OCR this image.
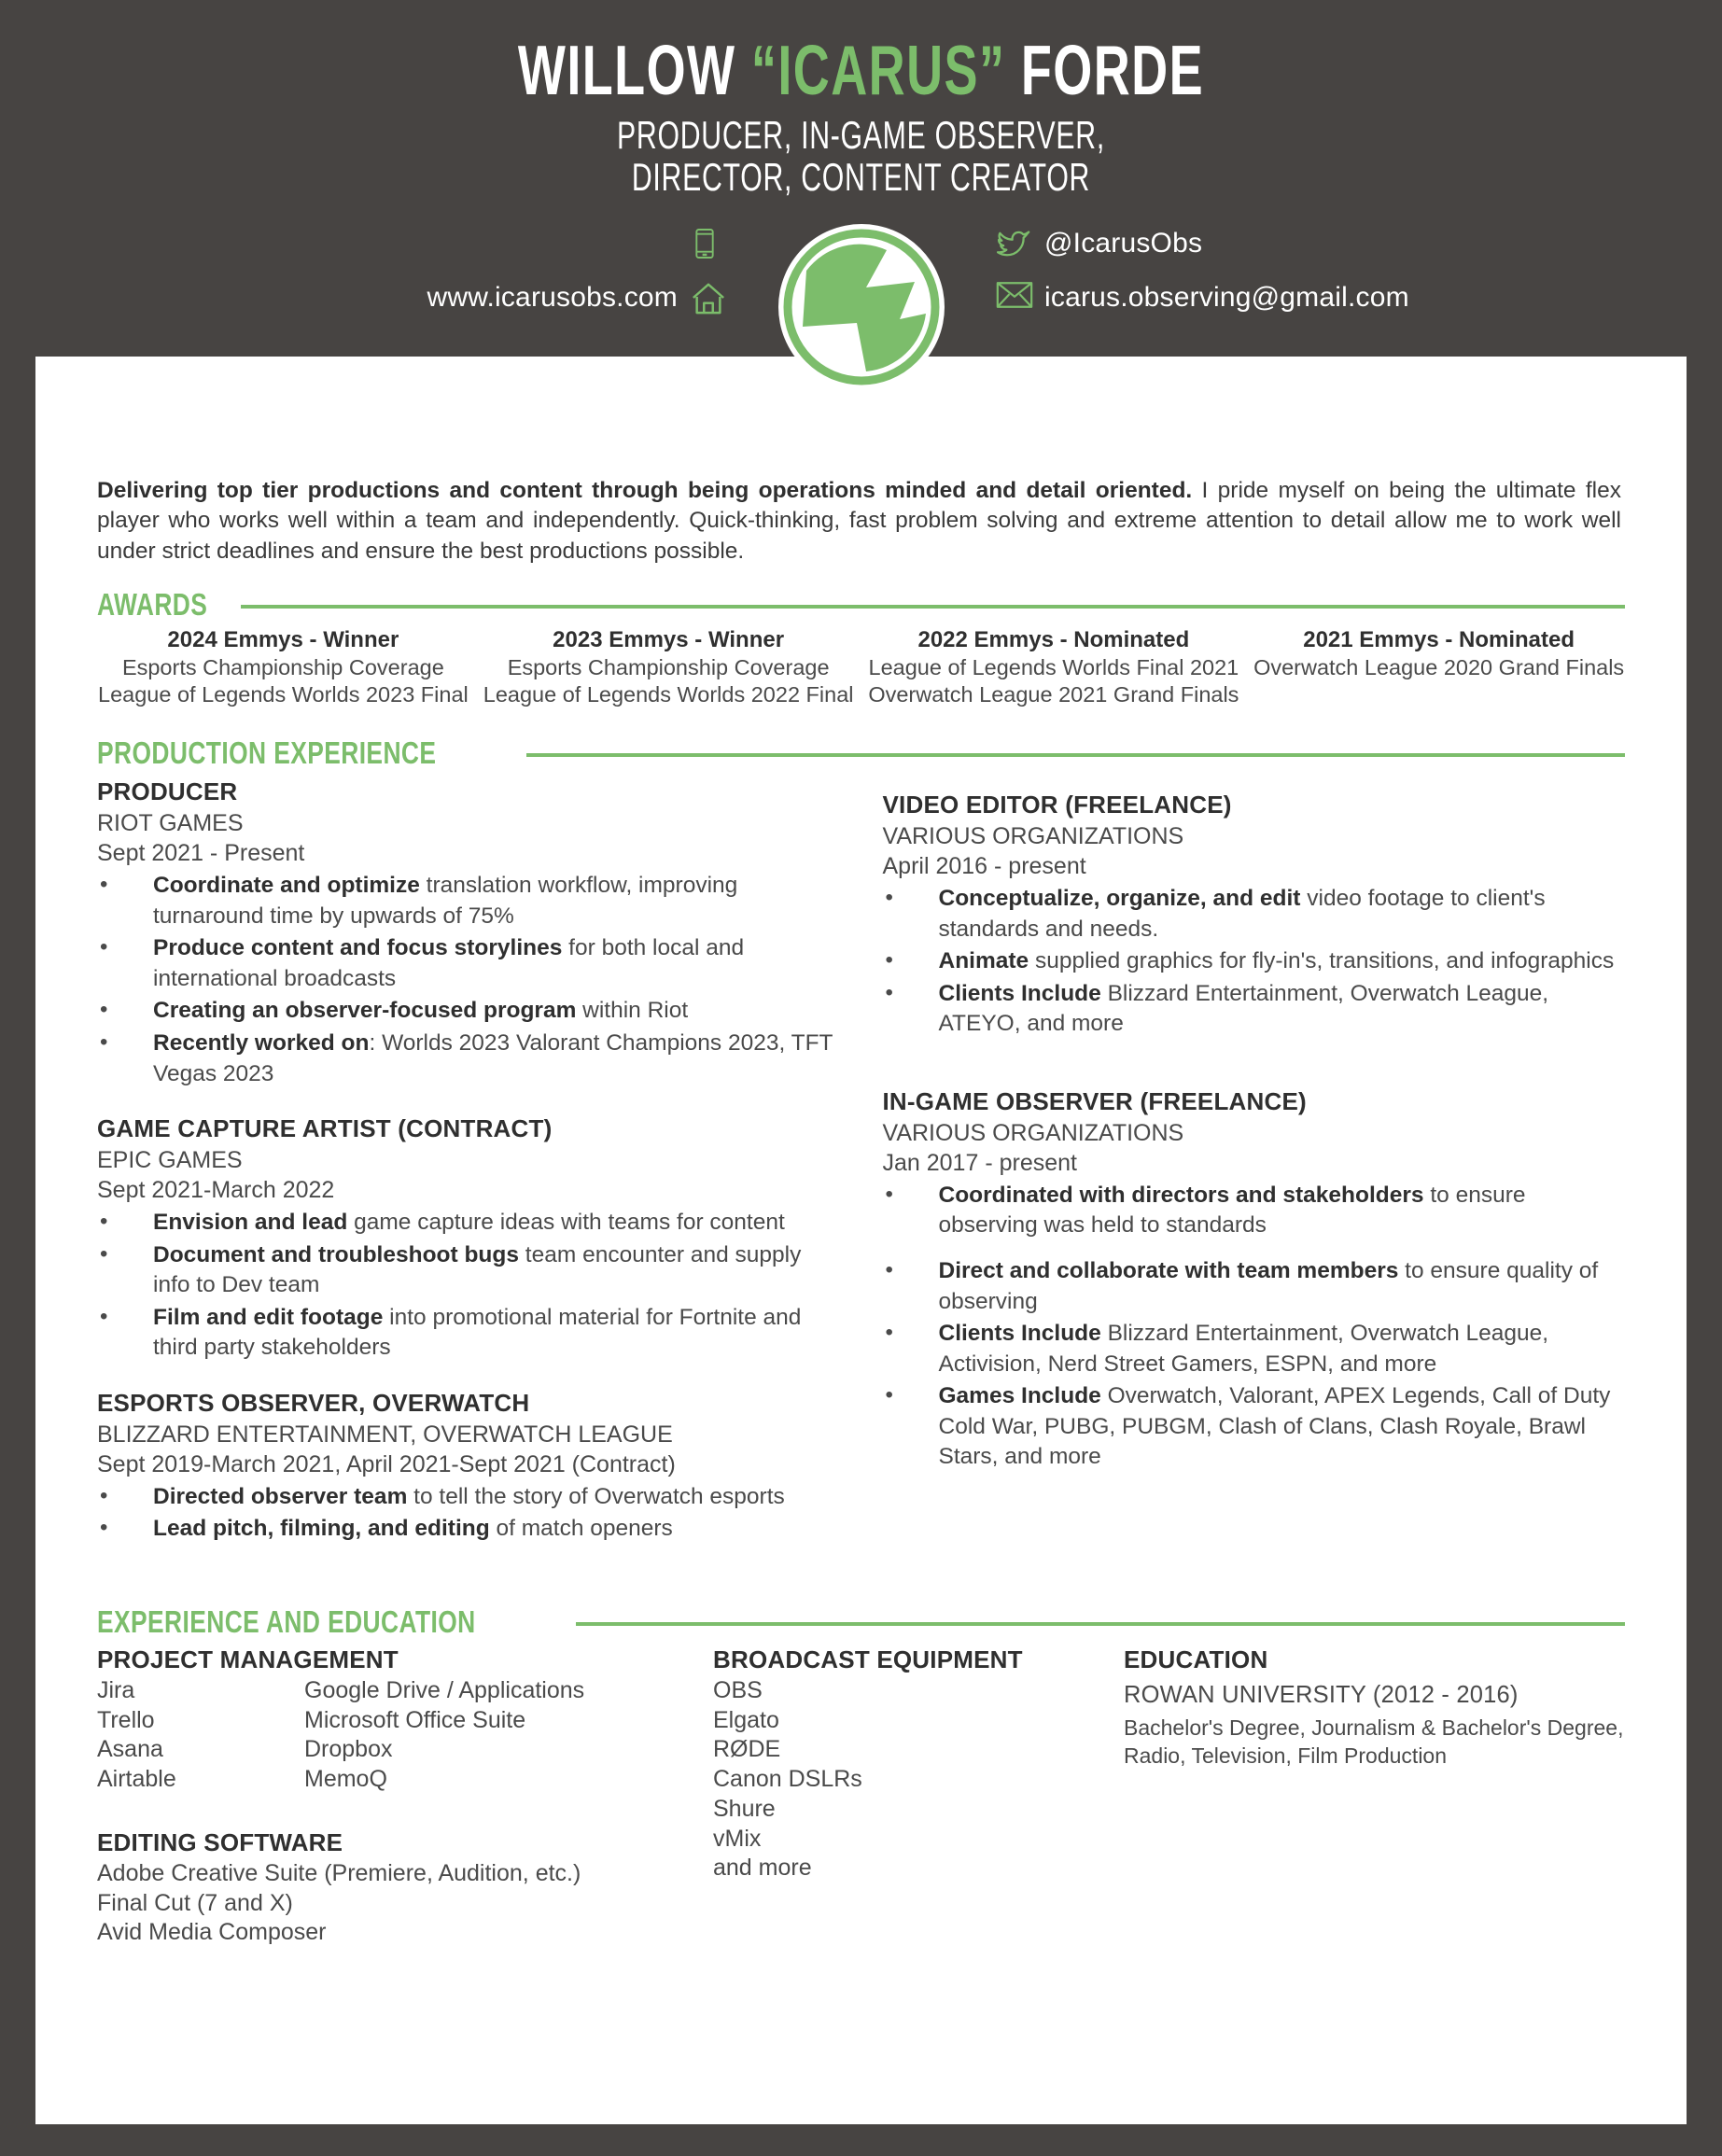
WILLOW “ICARUS” FORDE
PRODUCER, IN-GAME OBSERVER,
DIRECTOR, CONTENT CREATOR
www.icarusobs.com
@IcarusObs
icarus.observing@gmail.com

Delivering top tier productions and content through being operations minded and detail oriented. I pride myself on being the ultimate flex player who works well within a team and independently. Quick-thinking, fast problem solving and extreme attention to detail allow me to work well under strict deadlines and ensure the best productions possible.

AWARDS
2024 Emmys - Winner
Esports Championship Coverage League of Legends Worlds 2023 Final
2023 Emmys - Winner
Esports Championship Coverage League of Legends Worlds 2022 Final
2022 Emmys - Nominated
League of Legends Worlds Final 2021 Overwatch League 2021 Grand Finals
2021 Emmys - Nominated
Overwatch League 2020 Grand Finals
PRODUCTION EXPERIENCE
PRODUCER
RIOT GAMES
Sept 2021 - Present
• Coordinate and optimize translation workflow, improving turnaround time by upwards of 75%
• Produce content and focus storylines for both local and international broadcasts
• Creating an observer-focused program within Riot
• Recently worked on: Worlds 2023 Valorant Champions 2023, TFT Vegas 2023
GAME CAPTURE ARTIST (CONTRACT)
EPIC GAMES
Sept 2021-March 2022
• Envision and lead game capture ideas with teams for content
• Document and troubleshoot bugs team encounter and supply info to Dev team
• Film and edit footage into promotional material for Fortnite and third party stakeholders
ESPORTS OBSERVER, OVERWATCH
BLIZZARD ENTERTAINMENT, OVERWATCH LEAGUE
Sept 2019-March 2021, April 2021-Sept 2021 (Contract)
• Directed observer team to tell the story of Overwatch esports
• Lead pitch, filming, and editing of match openers
VIDEO EDITOR (FREELANCE)
VARIOUS ORGANIZATIONS
April 2016 - present
• Conceptualize, organize, and edit video footage to client's standards and needs.
• Animate supplied graphics for fly-in's, transitions, and infographics
• Clients Include Blizzard Entertainment, Overwatch League, ATEYO, and more
IN-GAME OBSERVER (FREELANCE)
VARIOUS ORGANIZATIONS
Jan 2017 - present
• Coordinated with directors and stakeholders to ensure observing was held to standards
• Direct and collaborate with team members to ensure quality of observing
• Clients Include Blizzard Entertainment, Overwatch League, Activision, Nerd Street Gamers, ESPN, and more
• Games Include Overwatch, Valorant, APEX Legends, Call of Duty Cold War, PUBG, PUBGM, Clash of Clans, Clash Royale, Brawl Stars, and more
EXPERIENCE AND EDUCATION
PROJECT MANAGEMENT
Jira
Trello
Asana
Airtable
Google Drive / Applications
Microsoft Office Suite
Dropbox
MemoQ
EDITING SOFTWARE
Adobe Creative Suite (Premiere, Audition, etc.)
Final Cut (7 and X)
Avid Media Composer
BROADCAST EQUIPMENT
OBS
Elgato
RØDE
Canon DSLRs
Shure
vMix
and more
EDUCATION
ROWAN UNIVERSITY (2012 - 2016)
Bachelor's Degree, Journalism & Bachelor's Degree, Radio, Television, Film Production
